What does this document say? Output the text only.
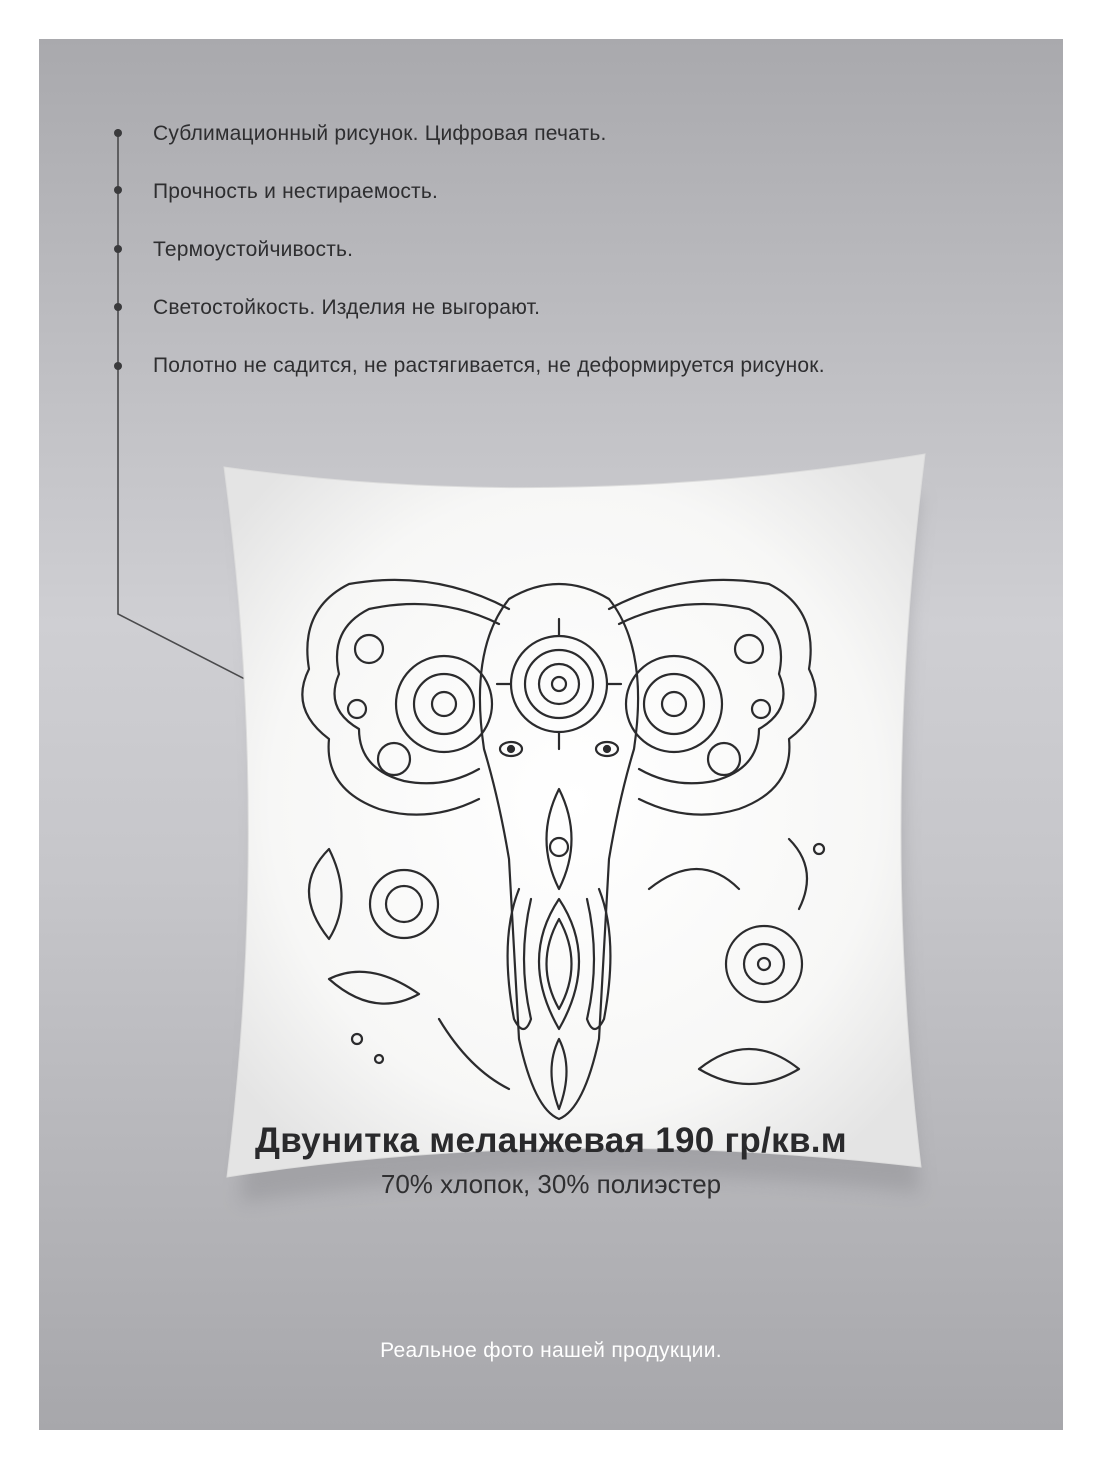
Сублимационный рисунок. Цифровая печать.
Прочность и нестираемость.
Термоустойчивость.
Светостойкость. Изделия не выгорают.
Полотно не садится, не растягивается, не деформируется рисунок.
Двунитка меланжевая 190 гр/кв.м
70% хлопок, 30% полиэстер
Реальное фото нашей продукции.
